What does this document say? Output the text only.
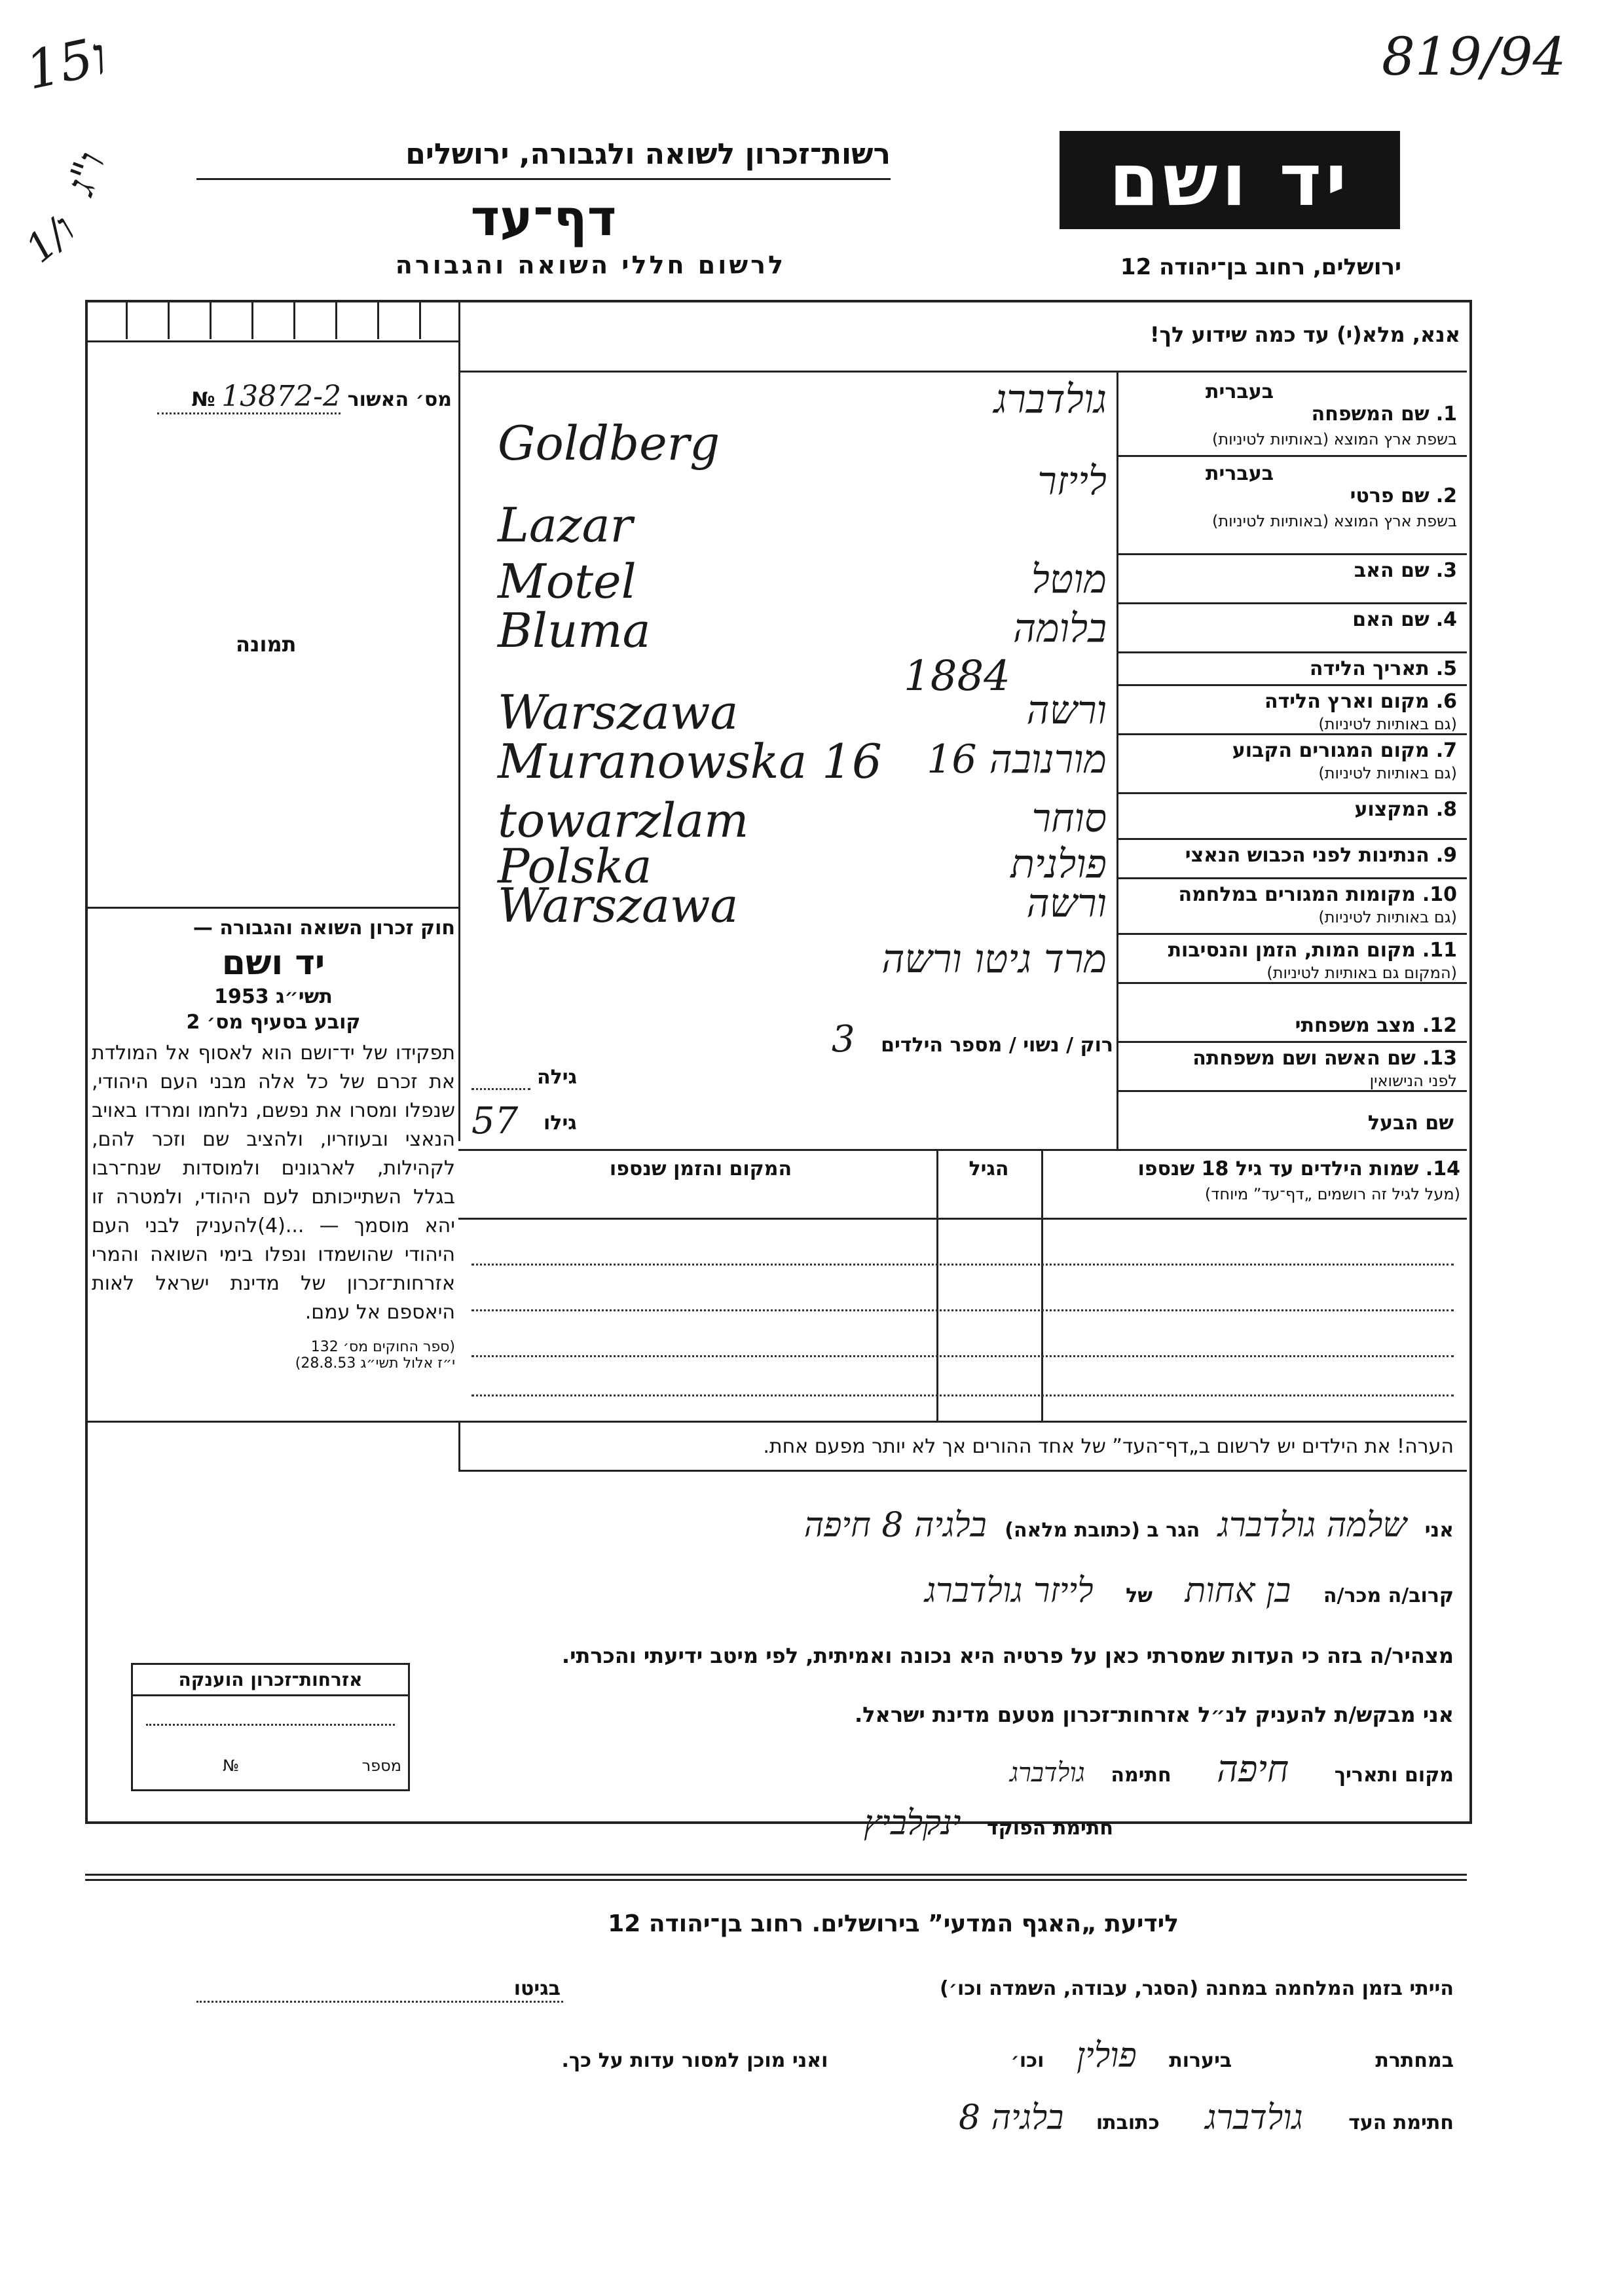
ו15
ו"ג
1/ו
819/94
רשות־זכרון לשואה ולגבורה, ירושלים
דף־עד
לרשום חללי השואה והגבורה
יד ושם
ירושלים, רחוב בן־יהודה 12
אנא, מלא(י) עד כמה שידוע לך!
מס׳ האשור 13872-2 №
תמונה
חוק זכרון השואה והגבורה —
יד ושם
תשי״ג 1953
קובע בסעיף מס׳ 2
תפקידו של יד־ושם הוא לאסוף אל המולדת את זכרם של כל אלה מבני העם היהודי, שנפלו ומסרו את נפשם, נלחמו ומרדו באויב הנאצי ובעוזריו, ולהציב שם וזכר להם, לקהילות, לארגונים ולמוסדות שנח־רבו בגלל השתייכותם לעם היהודי, ולמטרה זו יהא מוסמך — ...(4)להעניק לבני העם היהודי שהושמדו ונפלו בימי השואה והמרי אזרחות־זכרון של מדינת ישראל לאות היאספם אל עמם.
(ספר החוקים מס׳ 132
י״ז אלול תשי״ג 28.8.53)
1.שם המשפחה
בשפת ארץ המוצא (באותיות לטיניות)
בעברית
גולדברג
Goldberg
2.שם פרטי
בשפת ארץ המוצא (באותיות לטיניות)
בעברית
לייזר
Lazar
3.שם האב
מוטל
Motel
4.שם האם
בלומה
Bluma
5.תאריך הלידה
1884
6.מקום וארץ הלידה
(גם באותיות לטיניות)
ורשה
Warszawa
7.מקום המגורים הקבוע
(גם באותיות לטיניות)
מורנובה 16
Muranowska 16
8.המקצוע
סוחר
towarzlam
9.הנתינות לפני הכבוש הנאצי
פולנית
Polska
10.מקומות המגורים במלחמה
(גם באותיות לטיניות)
ורשה
Warszawa
11.מקום המות, הזמן והנסיבות
(המקום גם באותיות לטיניות)
מרד גיטו ורשה
12.מצב משפחתי
13.שם האשה ושם משפחתה
לפני הנישואין
רוק / נשוי / מספר הילדים 3
גילה
גילו
57	שם הבעל
14. שמות הילדים עד גיל 18 שנספו
(מעל לגיל זה רושמים „דף־עד” מיוחד)
הגיל
המקום והזמן שנספו
הערה! את הילדים יש לרשום ב„דף־העד” של אחד ההורים אך לא יותר מפעם אחת.
אני שלמה גולדברג הגר ב (כתובת מלאה) בלגיה 8 חיפה
קרוב/ה מכר/ה בן אחות של לייזר גולדברג
מצהיר/ה בזה כי העדות שמסרתי כאן על פרטיה היא נכונה ואמיתית, לפי מיטב ידיעתי והכרתי.
אני מבקש/ת להעניק לנ״ל אזרחות־זכרון מטעם מדינת ישראל.
מקום ותאריך חיפה חתימה גולדברג
חתימת הפוקד ינקלביץ
אזרחות־זכרון הוענקה
מספר №
לידיעת „האגף המדעי” בירושלים. רחוב בן־יהודה 12
הייתי בזמן המלחמה במחנה (הסגר, עבודה, השמדה וכו׳)  בגיטו
במחתרת  ביערות פולין וכו׳  ואני מוכן למסור עדות על כך.
חתימת העד גולדברג כתובתו בלגיה 8
